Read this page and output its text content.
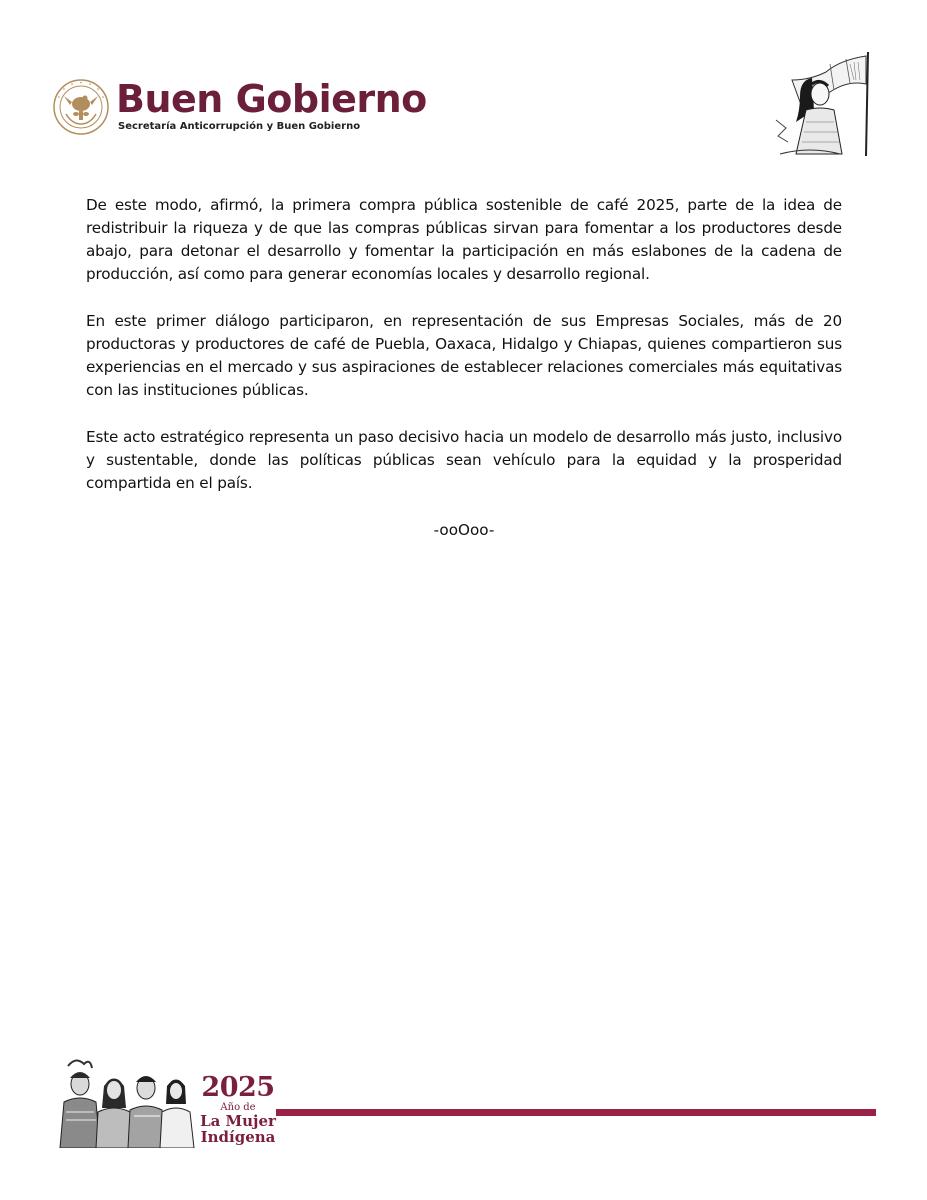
Buen Gobierno
Secretaría Anticorrupción y Buen Gobierno

De este modo, afirmó, la primera compra pública sostenible de café 2025, parte de la idea de redistribuir la riqueza y de que las compras públicas sirvan para fomentar a los productores desde abajo, para detonar el desarrollo y fomentar la participación en más eslabones de la cadena de producción, así como para generar economías locales y desarrollo regional.

En este primer diálogo participaron, en representación de sus Empresas Sociales, más de 20 productoras y productores de café de Puebla, Oaxaca, Hidalgo y Chiapas, quienes compartieron sus experiencias en el mercado y sus aspiraciones de establecer relaciones comerciales más equitativas con las instituciones públicas.

Este acto estratégico representa un paso decisivo hacia un modelo de desarrollo más justo, inclusivo y sustentable, donde las políticas públicas sean vehículo para la equidad y la prosperidad compartida en el país.

-ooOoo-

2025
Año de
La Mujer
Indígena
